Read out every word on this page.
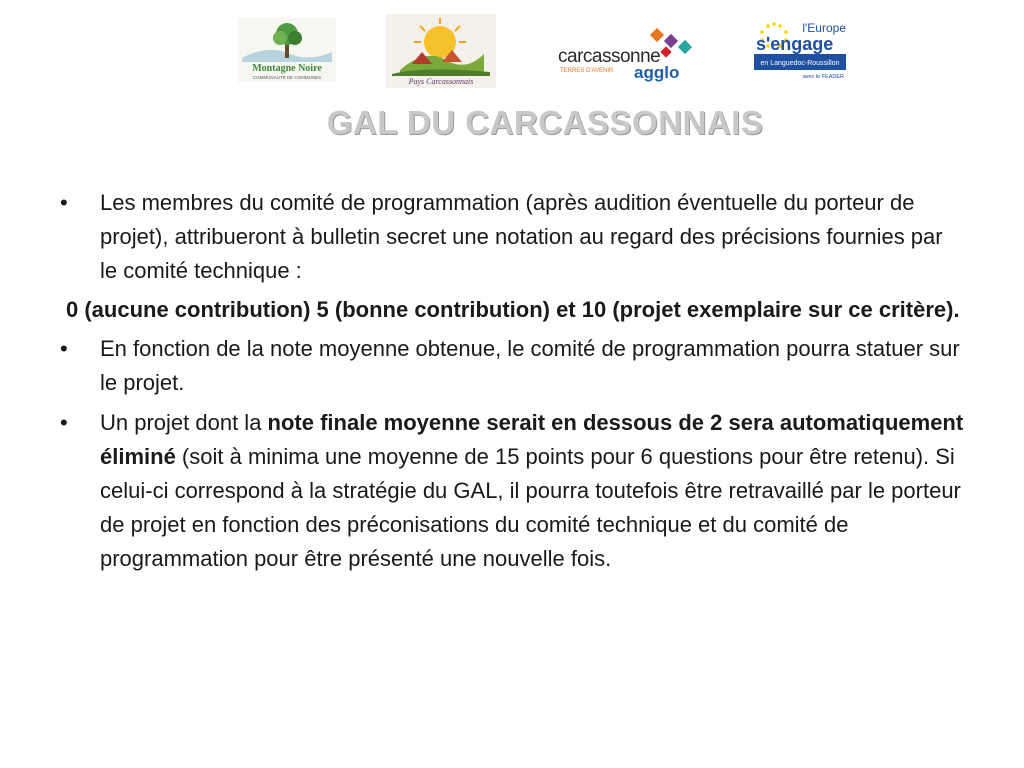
Montagne Noire
COMMUNAUTÉ DE COMMUNES	Pays Carcassonnais
carcassonne
TERRES D'AVENIR agglo
l'Europe
s'engage
en Languedoc-Roussillon
avec le FEADER
GAL DU CARCASSONNAIS
• Les membres du comité de programmation (après audition éventuelle du porteur de projet), attribueront à bulletin secret une notation au regard des précisions fournies par le comité technique :
0 (aucune contribution) 5 (bonne contribution) et 10 (projet exemplaire sur ce critère).
• En fonction de la note moyenne obtenue, le comité de programmation pourra statuer sur le projet.
• Un projet dont la note finale moyenne serait en dessous de 2 sera automatiquement éliminé (soit à minima une moyenne de 15 points pour 6 questions pour être retenu). Si celui-ci correspond à la stratégie du GAL, il pourra toutefois être retravaillé par le porteur de projet en fonction des préconisations du comité technique et du comité de programmation pour être présenté une nouvelle fois.
